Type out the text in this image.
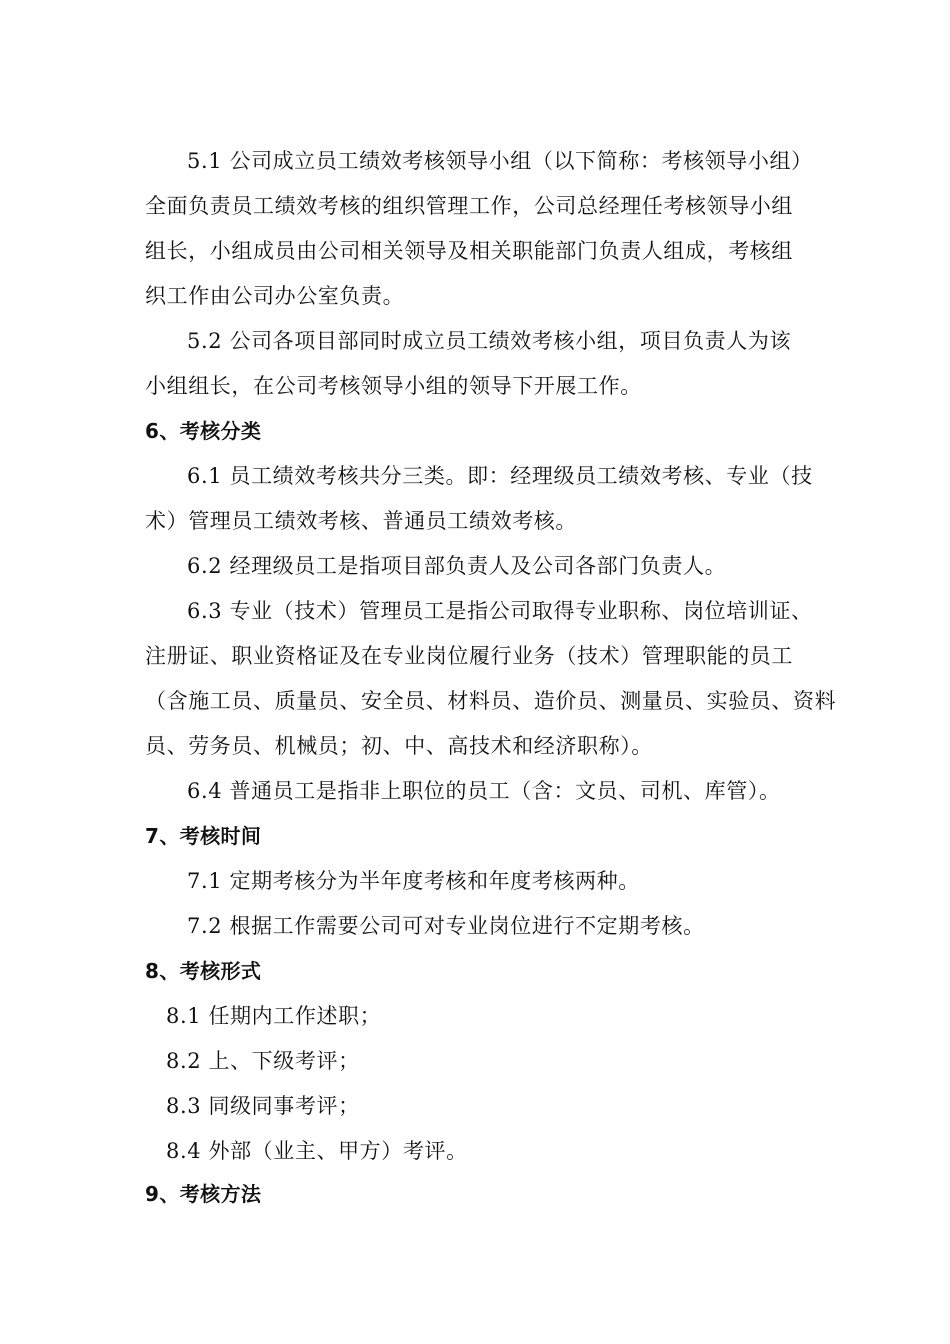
5.1 公司成立员工绩效考核领导小组（以下简称：考核领导小组）
全面负责员工绩效考核的组织管理工作，公司总经理任考核领导小组
组长，小组成员由公司相关领导及相关职能部门负责人组成，考核组
织工作由公司办公室负责。
5.2 公司各项目部同时成立员工绩效考核小组，项目负责人为该
小组组长，在公司考核领导小组的领导下开展工作。
6、考核分类
6.1 员工绩效考核共分三类。即：经理级员工绩效考核、专业（技
术）管理员工绩效考核、普通员工绩效考核。
6.2 经理级员工是指项目部负责人及公司各部门负责人。
6.3 专业（技术）管理员工是指公司取得专业职称、岗位培训证、
注册证、职业资格证及在专业岗位履行业务（技术）管理职能的员工
（含施工员、质量员、安全员、材料员、造价员、测量员、实验员、资料
员、劳务员、机械员；初、中、高技术和经济职称）。
6.4 普通员工是指非上职位的员工（含：文员、司机、库管）。
7、考核时间
7.1 定期考核分为半年度考核和年度考核两种。
7.2 根据工作需要公司可对专业岗位进行不定期考核。
8、考核形式
8.1 任期内工作述职；
8.2 上、下级考评；
8.3 同级同事考评；
8.4 外部（业主、甲方）考评。
9、考核方法
